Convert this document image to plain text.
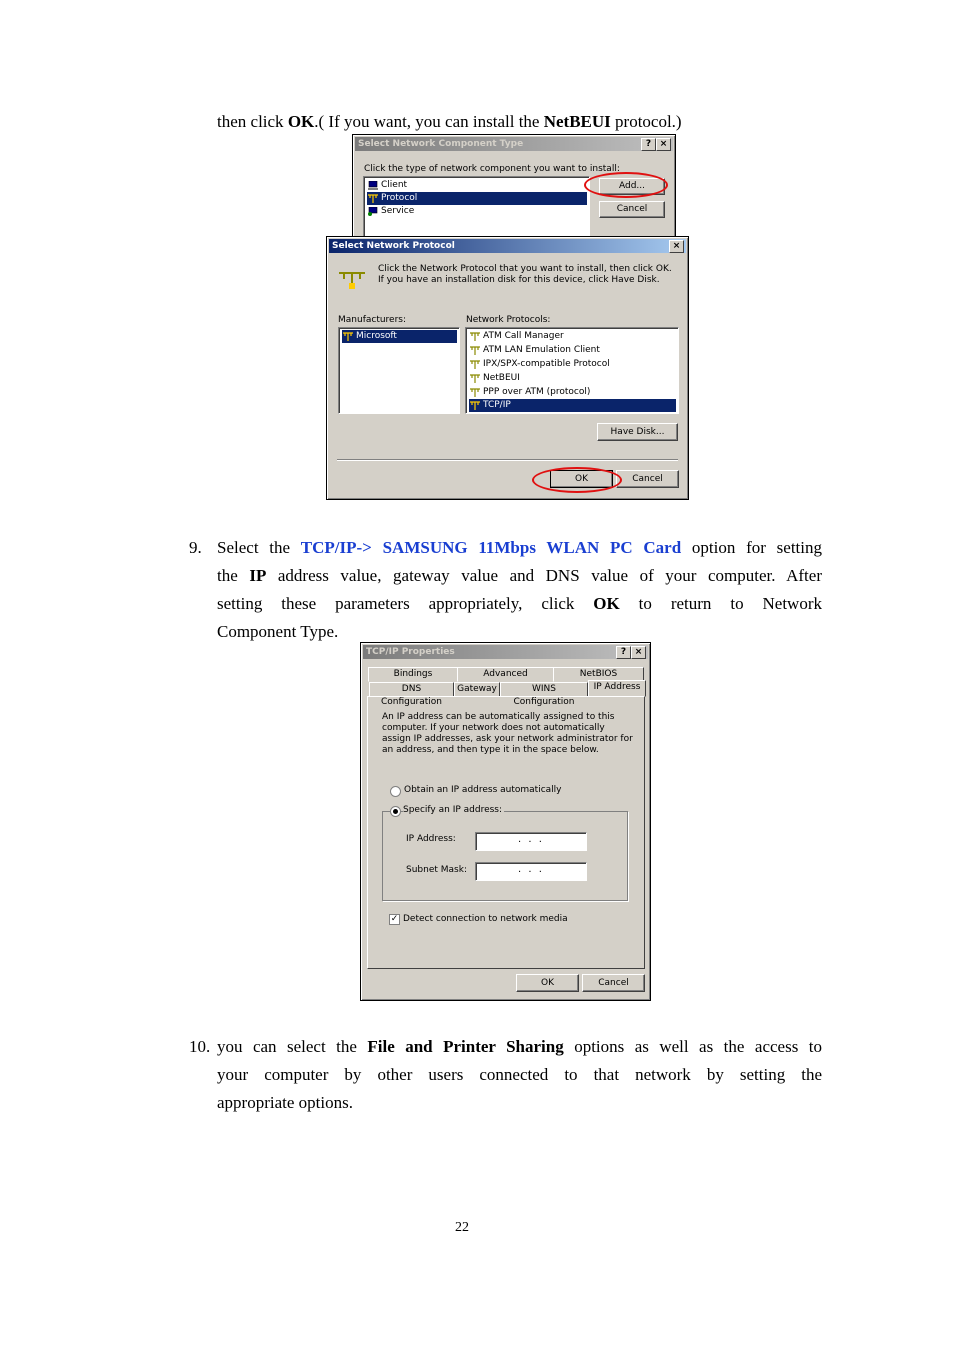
then click OK.( If you want, you can install the NetBEUI protocol.)
Select Network Component Type	? ×
Click the type of network component you want to install:
Client
Protocol
Service
Add...
Cancel
Select Network Protocol	×
Click the Network Protocol that you want to install, then click OK. If you have an installation disk for this device, click Have Disk.
Manufacturers:
Microsoft
Network Protocols:
ATM Call Manager
ATM LAN Emulation Client
IPX/SPX-compatible Protocol
NetBEUI
PPP over ATM (protocol)
TCP/IP
Have Disk...
OK	Cancel
9. Select the TCP/IP-> SAMSUNG 11Mbps WLAN PC Card option for setting
the IP address value, gateway value and DNS value of your computer. After
setting these parameters appropriately, click OK to return to Network
Component Type.
TCP/IP Properties	? ×
Bindings	Advanced	NetBIOS
DNS Configuration
Gateway	WINS Configuration
IP Address
An IP address can be automatically assigned to this computer. If your network does not automatically assign IP addresses, ask your network administrator for an address, and then type it in the space below.
Obtain an IP address automatically
Specify an IP address:
IP Address:	. . .
Subnet Mask:	. . .
✓ Detect connection to network media
OK	Cancel
10. you can select the File and Printer Sharing options as well as the access to
your computer by other users connected to that network by setting the
appropriate options.
22
